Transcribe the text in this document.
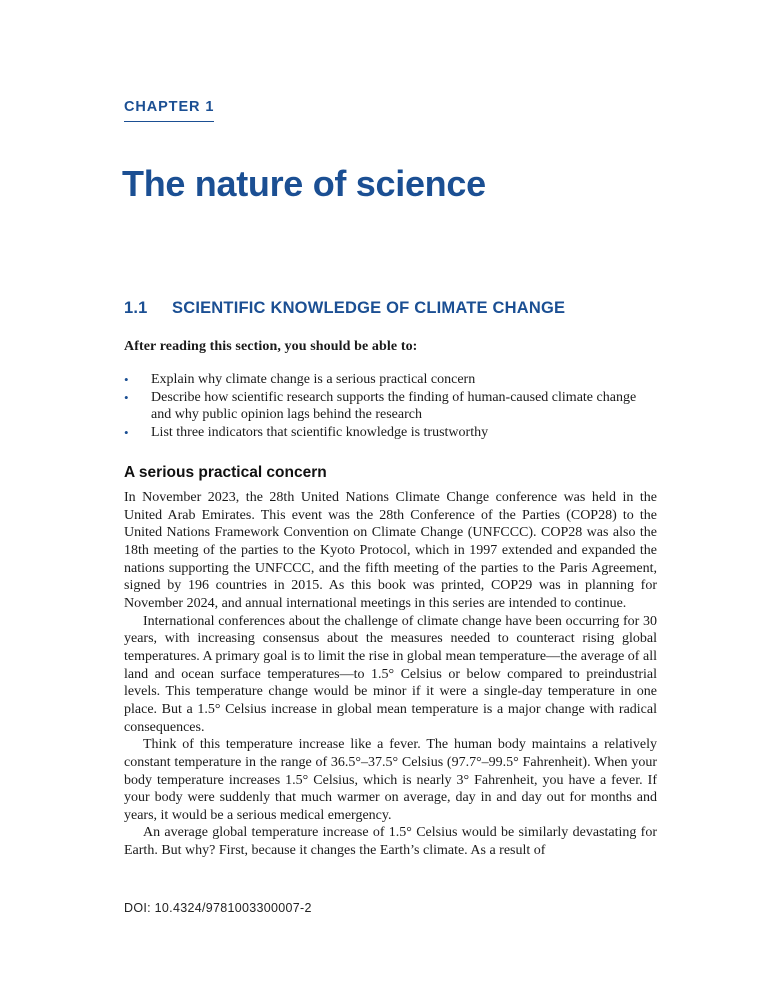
CHAPTER 1
The nature of science
1.1 SCIENTIFIC KNOWLEDGE OF CLIMATE CHANGE

After reading this section, you should be able to:

• Explain why climate change is a serious practical concern
• Describe how scientific research supports the finding of human-caused climate change and why public opinion lags behind the research
• List three indicators that scientific knowledge is trustworthy
A serious practical concern

In November 2023, the 28th United Nations Climate Change conference was held in the United Arab Emirates. This event was the 28th Conference of the Parties (COP28) to the United Nations Framework Convention on Climate Change (UNFCCC). COP28 was also the 18th meeting of the parties to the Kyoto Protocol, which in 1997 extended and expanded the nations supporting the UNFCCC, and the fifth meeting of the parties to the Paris Agreement, signed by 196 countries in 2015. As this book was printed, COP29 was in planning for November 2024, and annual international meetings in this series are intended to continue.

International conferences about the challenge of climate change have been occurring for 30 years, with increasing consensus about the measures needed to counteract rising global temperatures. A primary goal is to limit the rise in global mean temperature—the average of all land and ocean surface temperatures—to 1.5° Celsius or below compared to preindustrial levels. This temperature change would be minor if it were a single-day temperature in one place. But a 1.5° Celsius increase in global mean temperature is a major change with radical consequences.

Think of this temperature increase like a fever. The human body maintains a relatively constant temperature in the range of 36.5°–37.5° Celsius (97.7°–99.5° Fahrenheit). When your body temperature increases 1.5° Celsius, which is nearly 3° Fahrenheit, you have a fever. If your body were suddenly that much warmer on average, day in and day out for months and years, it would be a serious medical emergency.

An average global temperature increase of 1.5° Celsius would be similarly devastating for Earth. But why? First, because it changes the Earth’s climate. As a result of

DOI: 10.4324/9781003300007-2
